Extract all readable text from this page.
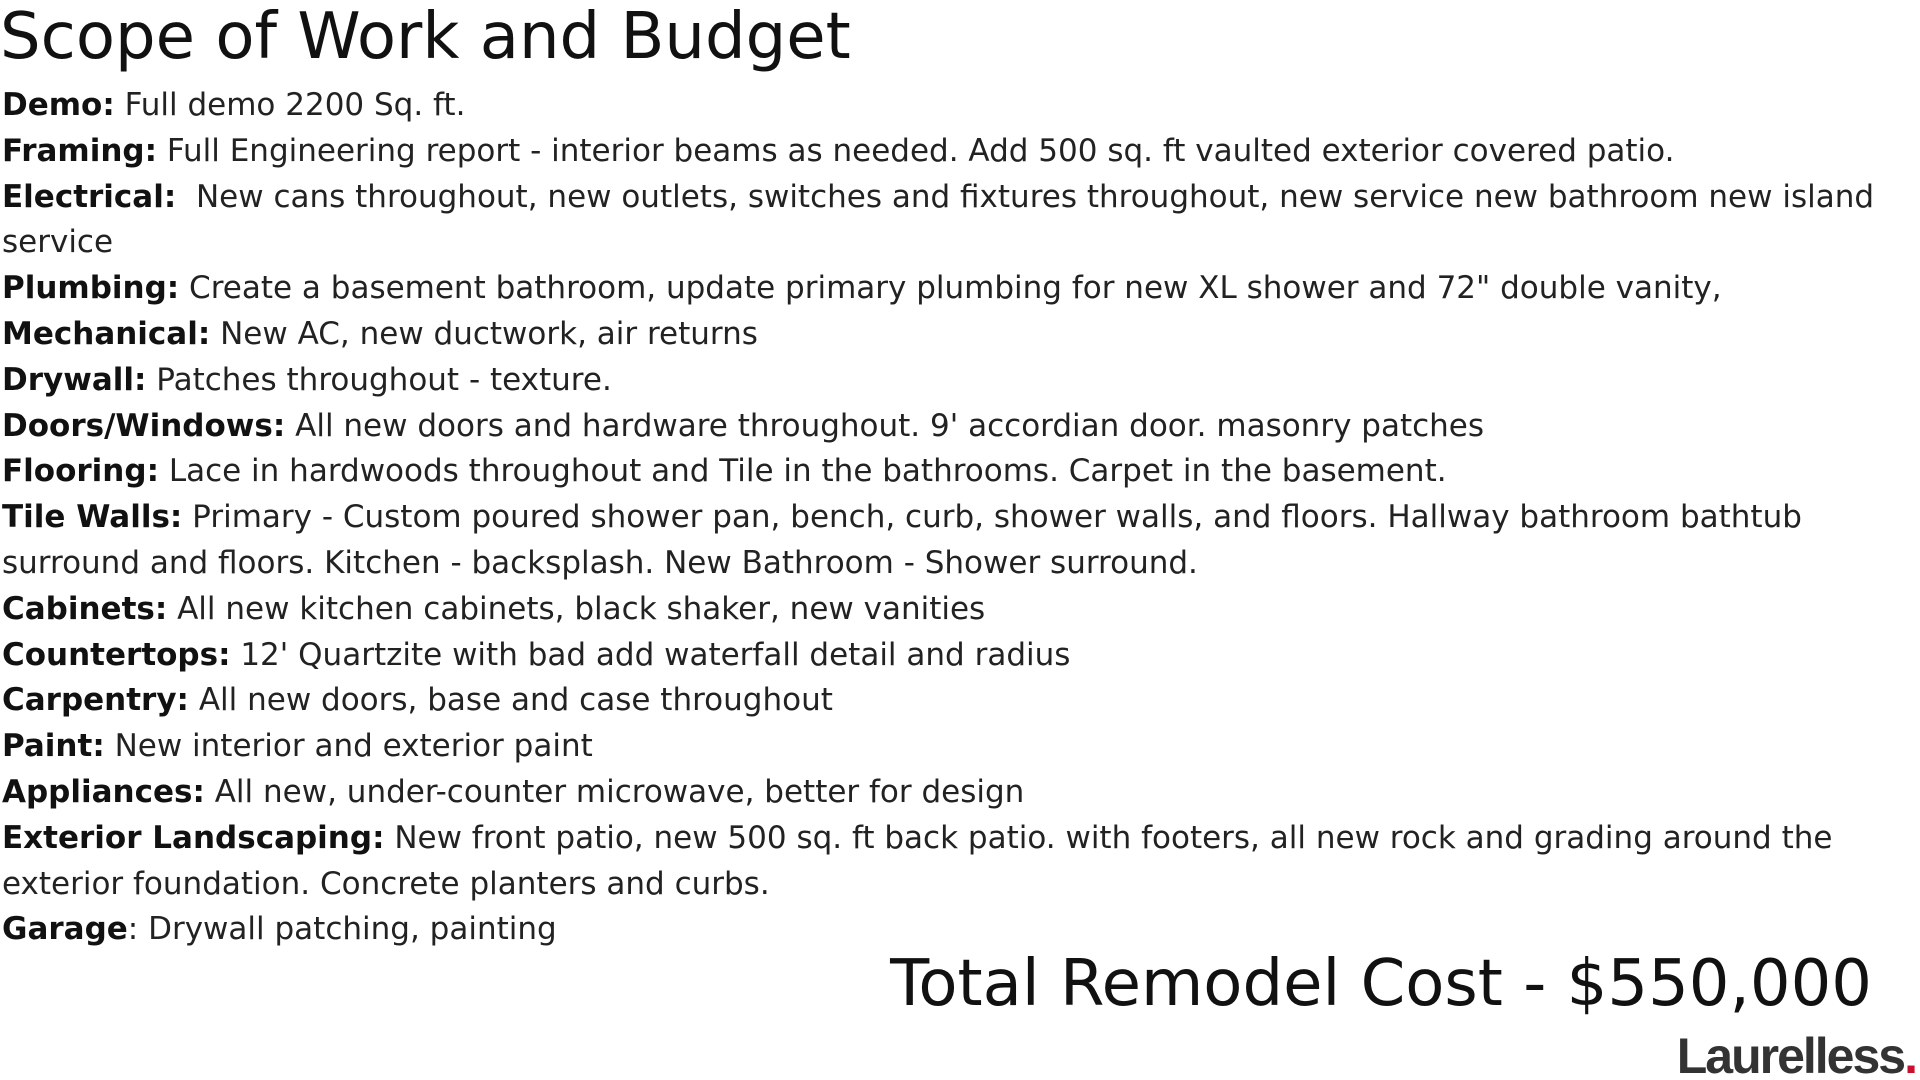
Scope of Work and Budget
Demo: Full demo 2200 Sq. ft.
Framing: Full Engineering report - interior beams as needed. Add 500 sq. ft vaulted exterior covered patio.
Electrical:  New cans throughout, new outlets, switches and fixtures throughout, new service new bathroom new island service
Plumbing: Create a basement bathroom, update primary plumbing for new XL shower and 72" double vanity,
Mechanical: New AC, new ductwork, air returns
Drywall: Patches throughout - texture.
Doors/Windows: All new doors and hardware throughout. 9' accordian door. masonry patches
Flooring: Lace in hardwoods throughout and Tile in the bathrooms. Carpet in the basement.
Tile Walls: Primary - Custom poured shower pan, bench, curb, shower walls, and floors. Hallway bathroom bathtub surround and floors. Kitchen - backsplash. New Bathroom - Shower surround.
Cabinets: All new kitchen cabinets, black shaker, new vanities
Countertops: 12' Quartzite with bad add waterfall detail and radius
Carpentry: All new doors, base and case throughout
Paint: New interior and exterior paint
Appliances: All new, under-counter microwave, better for design
Exterior Landscaping: New front patio, new 500 sq. ft back patio. with footers, all new rock and grading around the exterior foundation. Concrete planters and curbs.
Garage: Drywall patching, painting
Total Remodel Cost - $550,000
Laurelless.
